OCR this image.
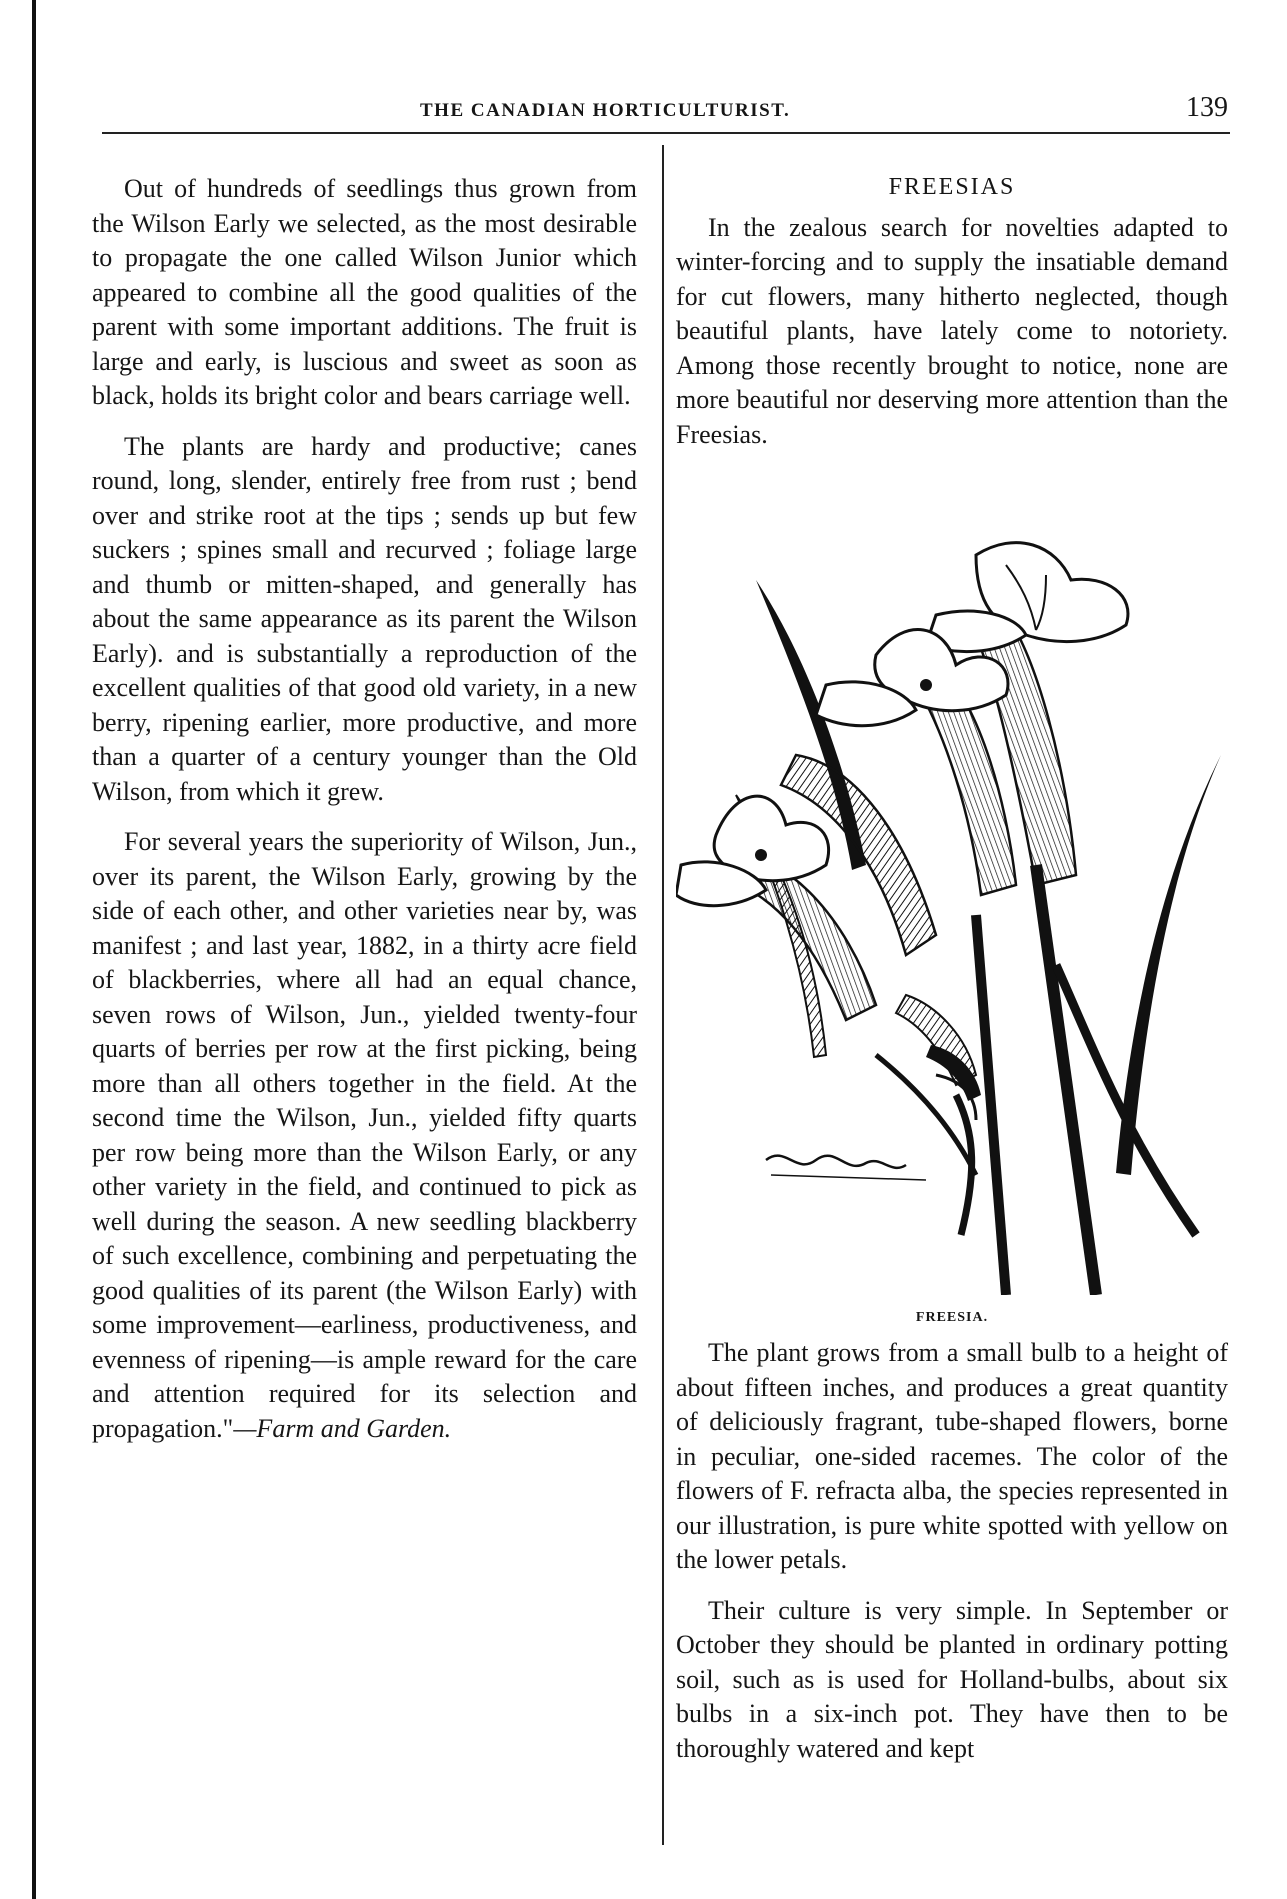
THE CANADIAN HORTICULTURIST.	139

Out of hundreds of seedlings thus grown from the Wilson Early we selected, as the most desirable to propagate the one called Wilson Junior which appeared to combine all the good qualities of the parent with some important additions. The fruit is large and early, is luscious and sweet as soon as black, holds its bright color and bears carriage well.

The plants are hardy and productive; canes round, long, slender, entirely free from rust ; bend over and strike root at the tips ; sends up but few suckers ; spines small and recurved ; foliage large and thumb or mitten-shaped, and generally has about the same appearance as its parent the Wilson Early). and is substantially a reproduction of the excellent qualities of that good old variety, in a new berry, ripening earlier, more productive, and more than a quarter of a century younger than the Old Wilson, from which it grew.

For several years the superiority of Wilson, Jun., over its parent, the Wilson Early, growing by the side of each other, and other varieties near by, was manifest ; and last year, 1882, in a thirty acre field of blackberries, where all had an equal chance, seven rows of Wilson, Jun., yielded twenty-four quarts of berries per row at the first picking, being more than all others together in the field. At the second time the Wilson, Jun., yielded fifty quarts per row being more than the Wilson Early, or any other variety in the field, and continued to pick as well during the season. A new seedling blackberry of such excellence, combining and perpetuating the good qualities of its parent (the Wilson Early) with some improvement—earliness, productiveness, and evenness of ripening—is ample reward for the care and attention required for its selection and propagation."—Farm and Garden.

FREESIAS

In the zealous search for novelties adapted to winter-forcing and to supply the insatiable demand for cut flowers, many hitherto neglected, though beautiful plants, have lately come to notoriety. Among those recently brought to notice, none are more beautiful nor deserving more attention than the Freesias.

FREESIA.

The plant grows from a small bulb to a height of about fifteen inches, and produces a great quantity of deliciously fragrant, tube-shaped flowers, borne in peculiar, one-sided racemes. The color of the flowers of F. refracta alba, the species represented in our illustration, is pure white spotted with yellow on the lower petals.

Their culture is very simple. In September or October they should be planted in ordinary potting soil, such as is used for Holland-bulbs, about six bulbs in a six-inch pot. They have then to be thoroughly watered and kept
